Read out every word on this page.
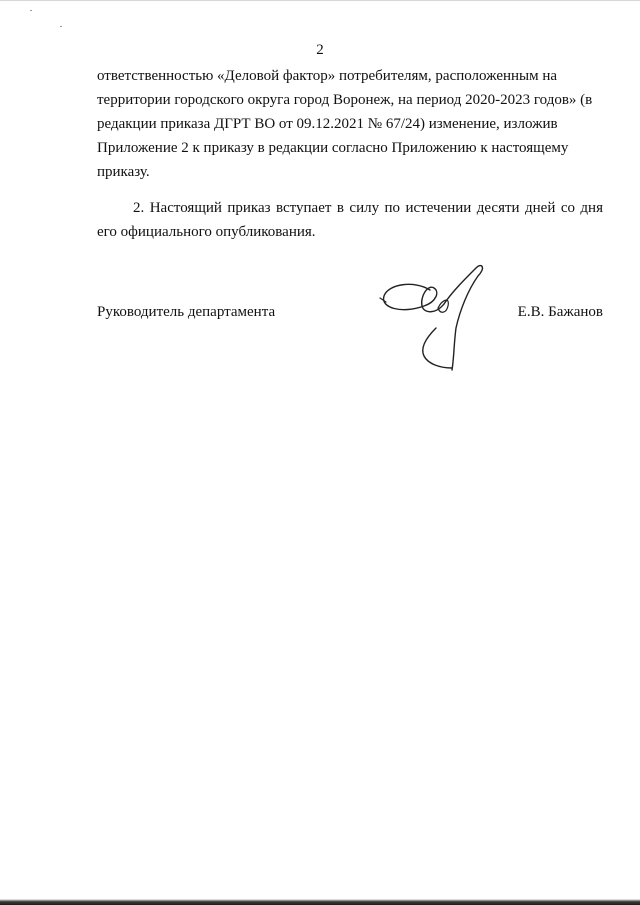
2

ответственностью «Деловой фактор» потребителям, расположенным на

территории городского округа город Воронеж, на период 2020-2023 годов» (в

редакции приказа ДГРТ ВО от 09.12.2021 № 67/24) изменение, изложив

Приложение 2 к приказу в редакции согласно Приложению к настоящему

приказу.

2. Настоящий приказ вступает в силу по истечении десяти дней со дня его официального опубликования.

Руководитель департамента	Е.В. Бажанов
